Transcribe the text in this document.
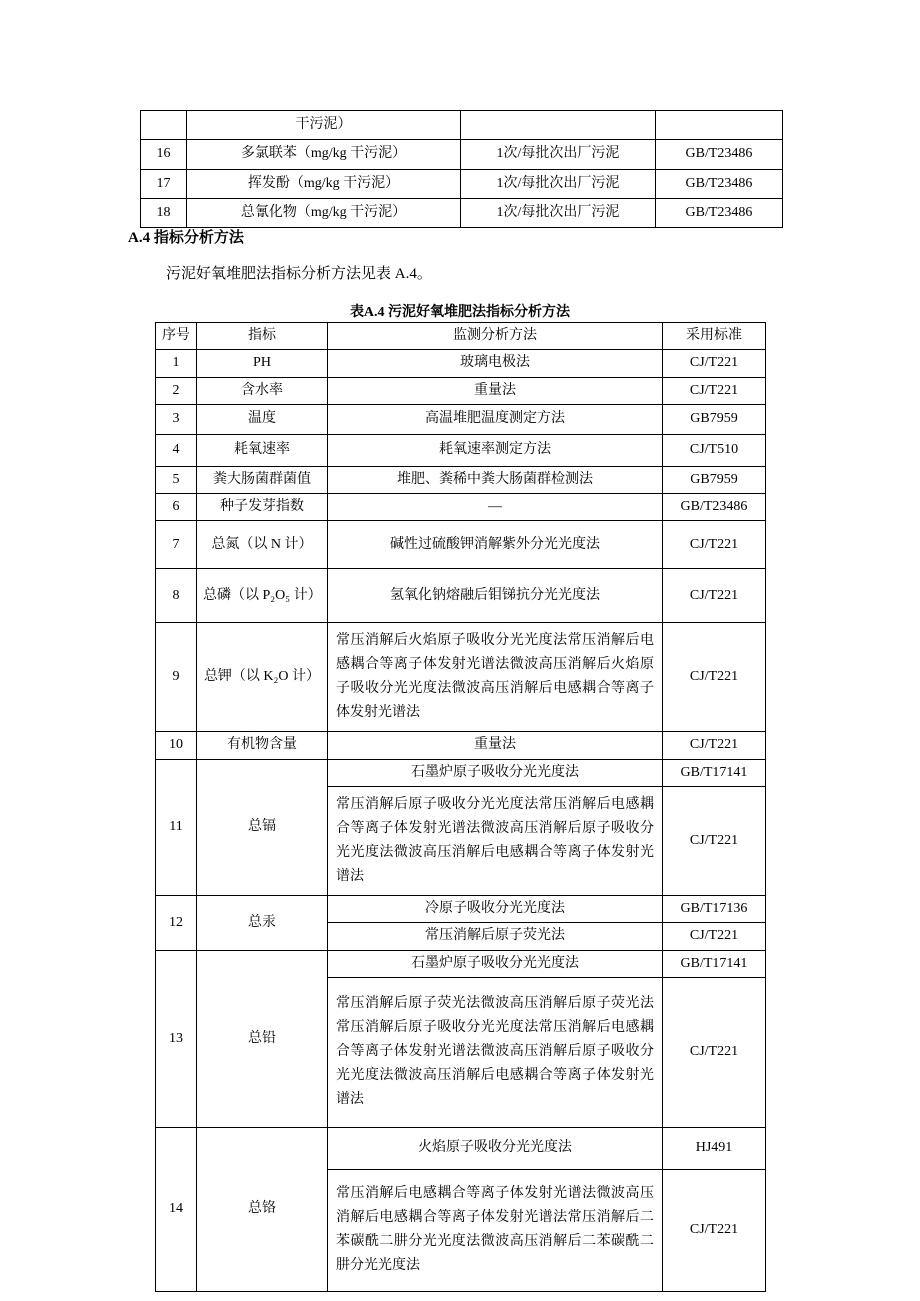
	干污泥）		
16	多氯联苯（mg/kg 干污泥）	1次/每批次出厂污泥	GB/T23486
17	挥发酚（mg/kg 干污泥）	1次/每批次出厂污泥	GB/T23486
18	总氰化物（mg/kg 干污泥）	1次/每批次出厂污泥	GB/T23486
A.4 指标分析方法

污泥好氧堆肥法指标分析方法见表 A.4。

表A.4 污泥好氧堆肥法指标分析方法
序号	指标	监测分析方法	采用标准
1	PH	玻璃电极法	CJ/T221
2	含水率	重量法	CJ/T221
3	温度	高温堆肥温度测定方法	GB7959
4	耗氧速率	耗氧速率测定方法	CJ/T510
5	粪大肠菌群菌值	堆肥、粪稀中粪大肠菌群检测法	GB7959
6	种子发芽指数	—	GB/T23486
7	总氮（以 N 计）	碱性过硫酸钾消解紫外分光光度法	CJ/T221
8	总磷（以 P₂O₅ 计）	氢氧化钠熔融后钼锑抗分光光度法	CJ/T221
9	总钾（以 K₂O 计）	常压消解后火焰原子吸收分光光度法常压消解后电感耦合等离子体发射光谱法微波高压消解后火焰原子吸收分光光度法微波高压消解后电感耦合等离子体发射光谱法	CJ/T221
10	有机物含量	重量法	CJ/T221
11	总镉	石墨炉原子吸收分光光度法	GB/T17141
		常压消解后原子吸收分光光度法常压消解后电感耦合等离子体发射光谱法微波高压消解后原子吸收分光光度法微波高压消解后电感耦合等离子体发射光谱法	CJ/T221
12	总汞	冷原子吸收分光光度法	GB/T17136
		常压消解后原子荧光法	CJ/T221
13	总铅	石墨炉原子吸收分光光度法	GB/T17141
		常压消解后原子荧光法微波高压消解后原子荧光法常压消解后原子吸收分光光度法常压消解后电感耦合等离子体发射光谱法微波高压消解后原子吸收分光光度法微波高压消解后电感耦合等离子体发射光谱法	CJ/T221
14	总铬	火焰原子吸收分光光度法	HJ491
		常压消解后电感耦合等离子体发射光谱法微波高压消解后电感耦合等离子体发射光谱法常压消解后二苯碳酰二肼分光光度法微波高压消解后二苯碳酰二肼分光光度法	CJ/T221
